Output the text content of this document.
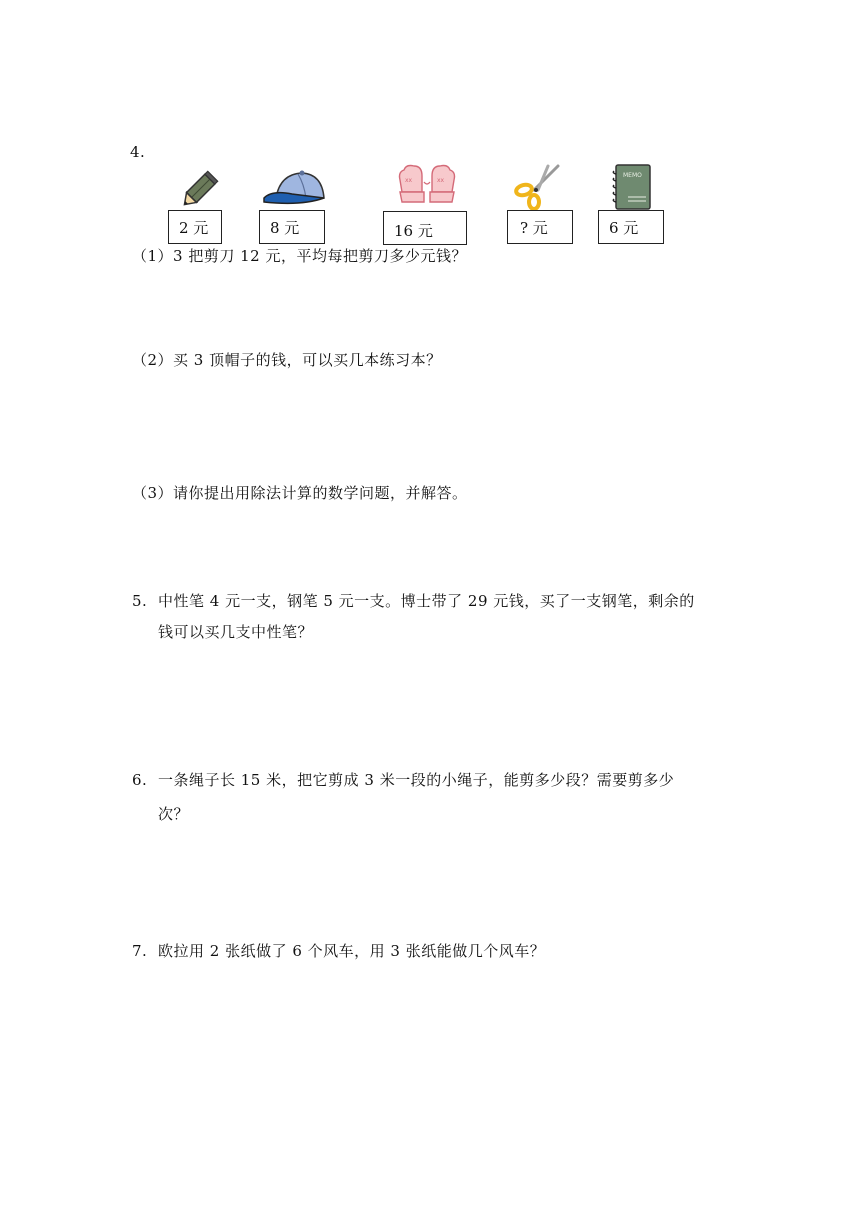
4.
2 元	8 元
xx	xx
16 元	? 元
MEMO
6 元
（1）3 把剪刀 12 元，平均每把剪刀多少元钱？
（2）买 3 顶帽子的钱，可以买几本练习本？
（3）请你提出用除法计算的数学问题，并解答。
5. 中性笔 4 元一支，钢笔 5 元一支。博士带了 29 元钱，买了一支钢笔，剩余的
钱可以买几支中性笔？
6. 一条绳子长 15 米，把它剪成 3 米一段的小绳子，能剪多少段？需要剪多少
次？
7. 欧拉用 2 张纸做了 6 个风车，用 3 张纸能做几个风车？
